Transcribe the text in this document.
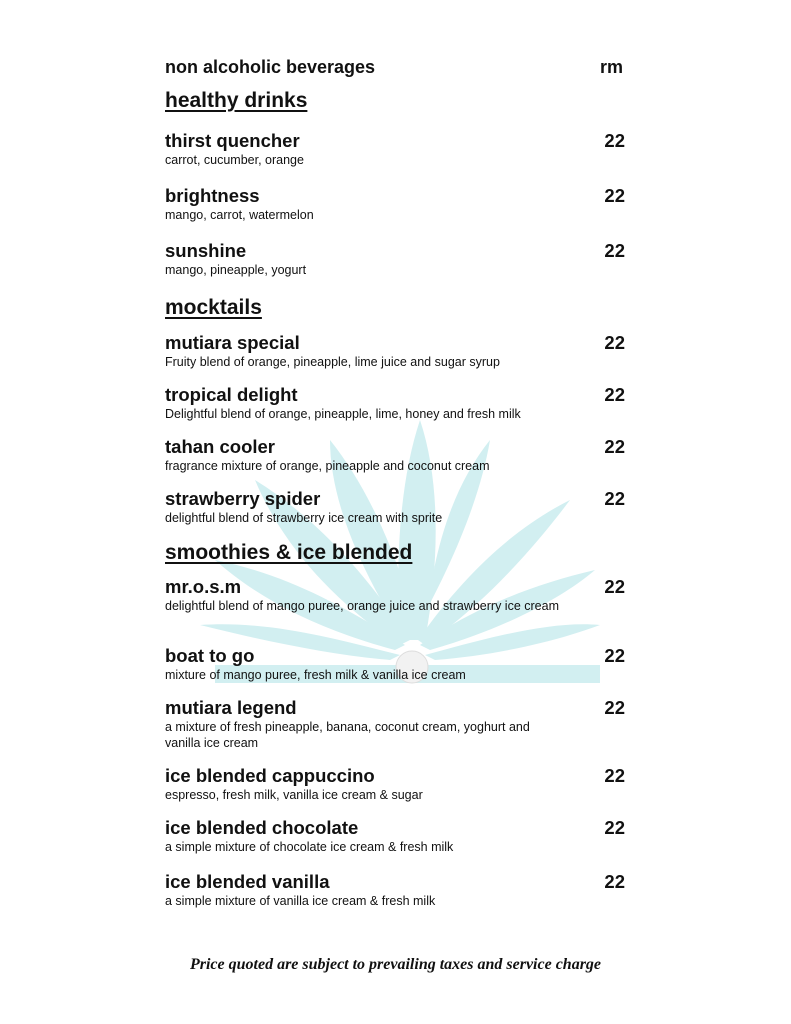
non alcoholic beverages	rm
healthy drinks
thirst quencher	22
carrot, cucumber, orange
brightness	22
mango, carrot, watermelon
sunshine	22
mango, pineapple, yogurt
mocktails
mutiara special	22
Fruity blend of orange, pineapple, lime juice and sugar syrup
tropical delight	22
Delightful blend of orange, pineapple, lime, honey and fresh milk
tahan cooler	22
fragrance mixture of orange, pineapple and coconut cream
strawberry spider	22
delightful blend of strawberry ice cream with sprite
smoothies & ice blended
mr.o.s.m	22
delightful blend of mango puree, orange juice and strawberry ice cream
boat to go	22
mixture of mango puree, fresh milk & vanilla ice cream
mutiara legend	22
a mixture of fresh pineapple, banana, coconut cream, yoghurt and vanilla ice cream
ice blended cappuccino	22
espresso, fresh milk, vanilla ice cream & sugar
ice blended chocolate	22
a simple mixture of chocolate ice cream & fresh milk
ice blended vanilla	22
a simple mixture of vanilla ice cream & fresh milk
Price quoted are subject to prevailing taxes and service charge
